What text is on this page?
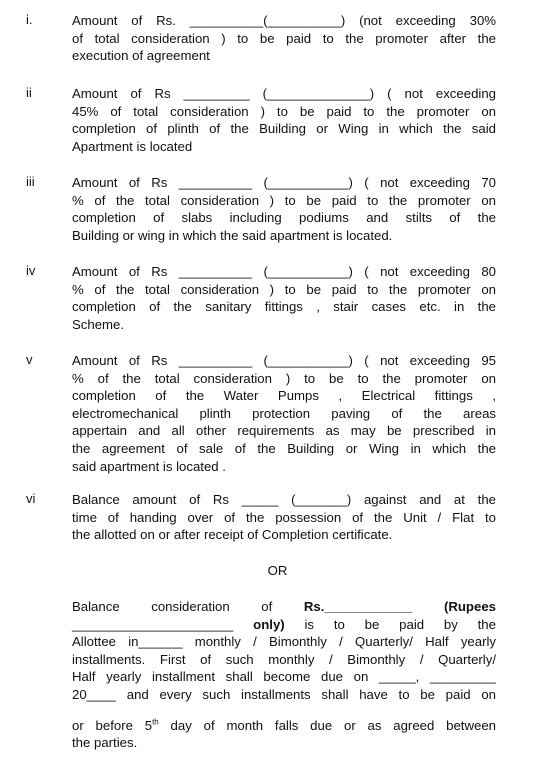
i.	Amount of Rs. __________(__________) (not exceeding 30%
of total consideration ) to be paid to the promoter after the
execution of agreement
ii	Amount of Rs _________ (______________) ( not exceeding
45% of total consideration ) to be paid to the promoter on
completion of plinth of the Building or Wing in which the said
Apartment is located
iii	Amount of Rs __________ (___________) ( not exceeding 70
% of the total consideration ) to be paid to the promoter on
completion of slabs including podiums and stilts of the
Building or wing in which the said apartment is located.
iv	Amount of Rs __________ (___________) ( not exceeding 80
% of the total consideration ) to be paid to the promoter on
completion of the sanitary fittings , stair cases etc. in the
Scheme.
v	Amount of Rs __________ (___________) ( not exceeding 95
% of the total consideration ) to be to the promoter on
completion of the Water Pumps , Electrical fittings ,
electromechanical plinth protection paving of the areas
appertain and all other requirements as may be prescribed in
the agreement of sale of the Building or Wing in which the
said apartment is located .
vi	Balance amount of Rs _____ (_______) against and at the
time of handing over of the possession of the Unit / Flat to
the allotted on or after receipt of Completion certificate.
OR
Balance consideration of Rs.____________ (Rupees
______________________ only) is to be paid by the
Allottee in______ monthly / Bimonthly / Quarterly/ Half yearly
installments. First of such monthly / Bimonthly / Quarterly/
Half yearly installment shall become due on _____, _________
20____ and every such installments shall have to be paid on
or before 5th day of month falls due or as agreed between
the parties.
